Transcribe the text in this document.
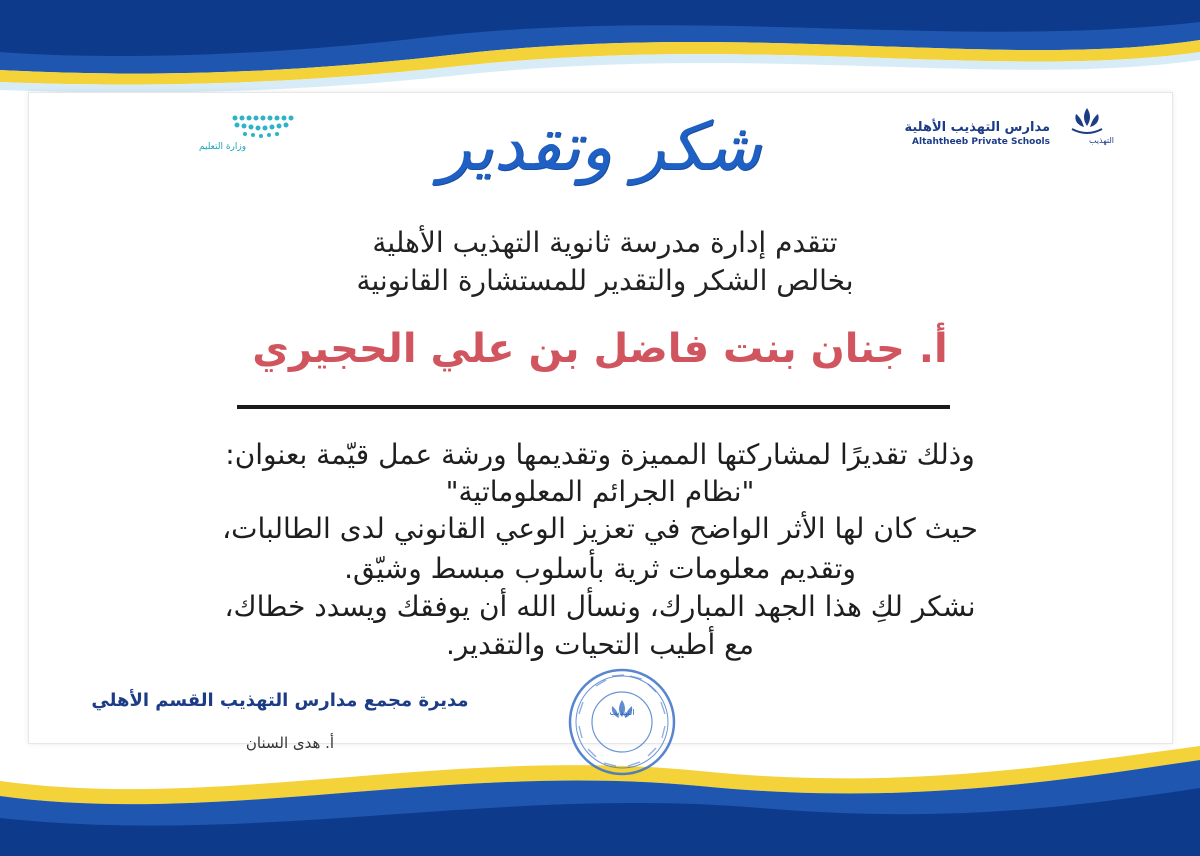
وزارة التعليم
مدارس التهذيب الأهلية
Altahtheeb Private Schools	التهذيب
شكر وتقدير
تتقدم إدارة مدرسة ثانوية التهذيب الأهلية
بخالص الشكر والتقدير للمستشارة القانونية
أ. جنان بنت فاضل بن علي الحجيري
وذلك تقديرًا لمشاركتها المميزة وتقديمها ورشة عمل قيّمة بعنوان:
"نظام الجرائم المعلوماتية"
حيث كان لها الأثر الواضح في تعزيز الوعي القانوني لدى الطالبات،
وتقديم معلومات ثرية بأسلوب مبسط وشيّق.
نشكر لكِ هذا الجهد المبارك، ونسأل الله أن يوفقك ويسدد خطاك،
مع أطيب التحيات والتقدير.
مديرة مجمع مدارس التهذيب القسم الأهلي
أ. هدى السنان
التهذيب
